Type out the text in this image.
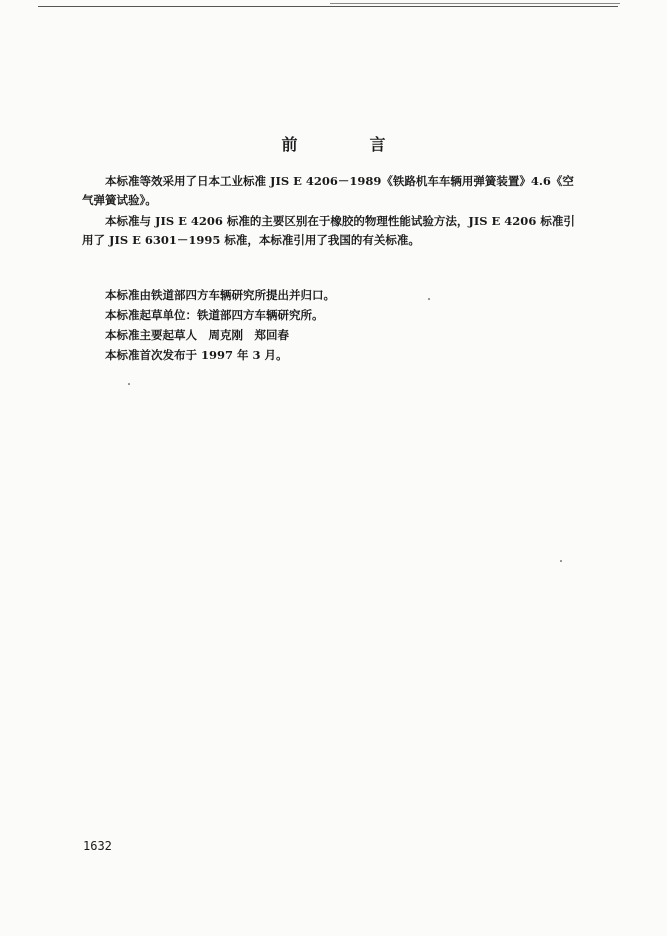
前　言

本标准等效采用了日本工业标准 JIS E 4206－1989《铁路机车车辆用弹簧装置》4.6《空气弹簧试验》。

本标准与 JIS E 4206 标准的主要区别在于橡胶的物理性能试验方法，JIS E 4206 标准引用了 JIS E 6301－1995 标准，本标准引用了我国的有关标准。

本标准由铁道部四方车辆研究所提出并归口。

本标准起草单位：铁道部四方车辆研究所。

本标准主要起草人　周克刚　郑回春

本标准首次发布于 1997 年 3 月。

1632
